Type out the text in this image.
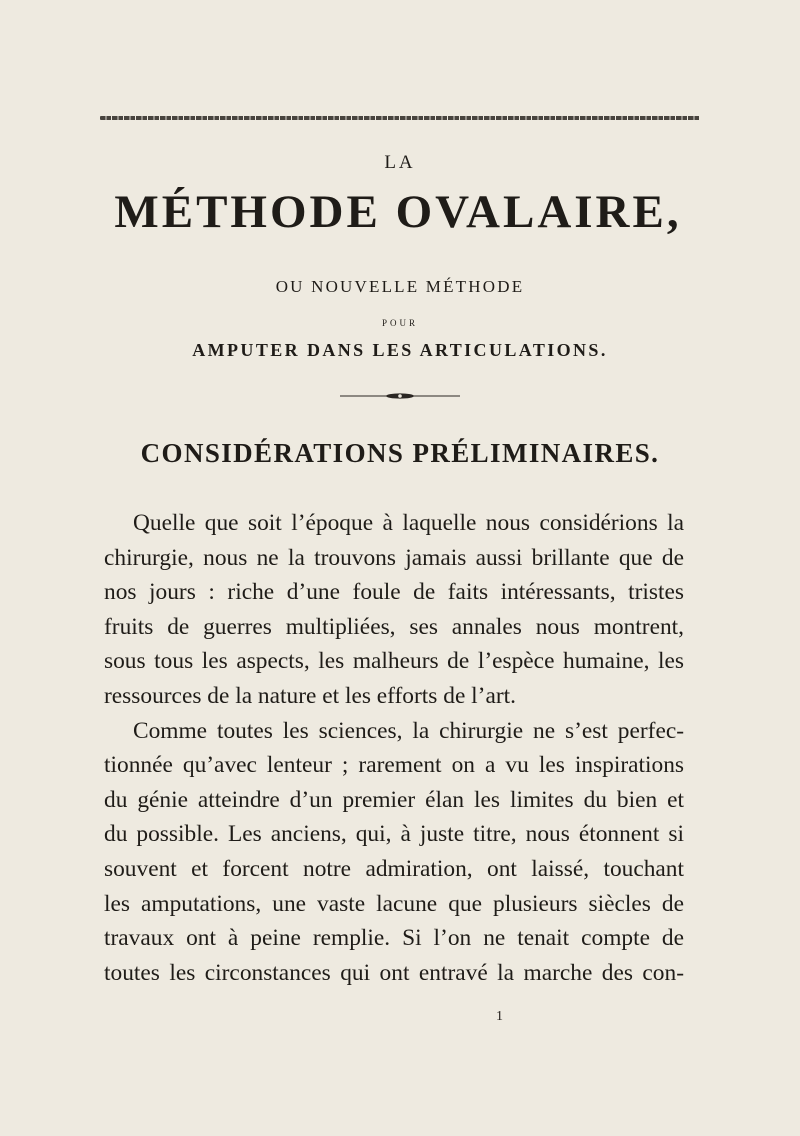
LA
MÉTHODE OVALAIRE,
OU NOUVELLE MÉTHODE
POUR
AMPUTER DANS LES ARTICULATIONS.
CONSIDÉRATIONS PRÉLIMINAIRES.
Quelle que soit l’époque à laquelle nous considérions la
chirurgie, nous ne la trouvons jamais aussi brillante que de
nos jours : riche d’une foule de faits intéressants, tristes
fruits de guerres multipliées, ses annales nous montrent,
sous tous les aspects, les malheurs de l’espèce humaine, les
ressources de la nature et les efforts de l’art.
Comme toutes les sciences, la chirurgie ne s’est perfec-
tionnée qu’avec lenteur ; rarement on a vu les inspirations
du génie atteindre d’un premier élan les limites du bien et
du possible. Les anciens, qui, à juste titre, nous étonnent si
souvent et forcent notre admiration, ont laissé, touchant
les amputations, une vaste lacune que plusieurs siècles de
travaux ont à peine remplie. Si l’on ne tenait compte de
toutes les circonstances qui ont entravé la marche des con-
1
